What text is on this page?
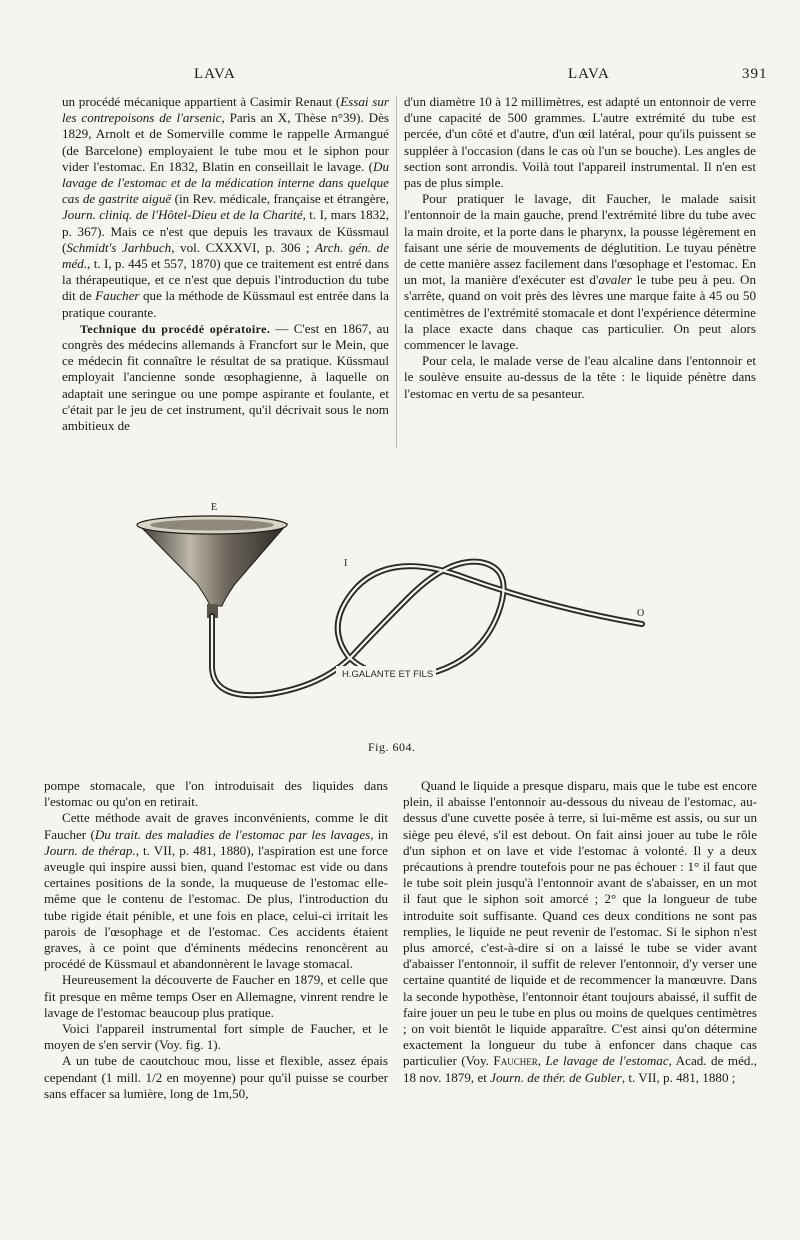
LAVA	LAVA	391

un procédé mécanique appartient à Casimir Renaut (Essai sur les contrepoisons de l'arsenic, Paris an X, Thèse n°39). Dès 1829, Arnolt et de Somerville comme le rappelle Armangué (de Barcelone) employaient le tube mou et le siphon pour vider l'estomac. En 1832, Blatin en conseillait le lavage. (Du lavage de l'estomac et de la médication interne dans quelque cas de gastrite aiguë (in Rev. médicale, française et étrangère, Journ. cliniq. de l'Hôtel-Dieu et de la Charité, t. I, mars 1832, p. 367). Mais ce n'est que depuis les travaux de Küssmaul (Schmidt's Jarhbuch, vol. CXXXVI, p. 306 ; Arch. gén. de méd., t. I, p. 445 et 557, 1870) que ce traitement est entré dans la thérapeutique, et ce n'est que depuis l'introduction du tube dit de Faucher que la méthode de Küssmaul est entrée dans la pratique courante.

Technique du procédé opératoire. — C'est en 1867, au congrès des médecins allemands à Francfort sur le Mein, que ce médecin fit connaître le résultat de sa pratique. Küssmaul employait l'ancienne sonde œsophagienne, à laquelle on adaptait une seringue ou une pompe aspirante et foulante, et c'était par le jeu de cet instrument, qu'il décrivait sous le nom ambitieux de

d'un diamètre 10 à 12 millimètres, est adapté un entonnoir de verre d'une capacité de 500 grammes. L'autre extrémité du tube est percée, d'un côté et d'autre, d'un œil latéral, pour qu'ils puissent se suppléer à l'occasion (dans le cas où l'un se bouche). Les angles de section sont arrondis. Voilà tout l'appareil instrumental. Il n'en est pas de plus simple.

Pour pratiquer le lavage, dit Faucher, le malade saisit l'entonnoir de la main gauche, prend l'extrémité libre du tube avec la main droite, et la porte dans le pharynx, la pousse légèrement en faisant une série de mouvements de déglutition. Le tuyau pénètre de cette manière assez facilement dans l'œsophage et l'estomac. En un mot, la manière d'exécuter est d'avaler le tube peu à peu. On s'arrête, quand on voit près des lèvres une marque faite à 45 ou 50 centimètres de l'extrémité stomacale et dont l'expérience détermine la place exacte dans chaque cas particulier. On peut alors commencer le lavage.

Pour cela, le malade verse de l'eau alcaline dans l'entonnoir et le soulève ensuite au-dessus de la tête : le liquide pénètre dans l'estomac en vertu de sa pesanteur.

H.GALANTE ET FILS
E
I
O
Fig. 604.

pompe stomacale, que l'on introduisait des liquides dans l'estomac ou qu'on en retirait.

Cette méthode avait de graves inconvénients, comme le dit Faucher (Du trait. des maladies de l'estomac par les lavages, in Journ. de thérap., t. VII, p. 481, 1880), l'aspiration est une force aveugle qui inspire aussi bien, quand l'estomac est vide ou dans certaines positions de la sonde, la muqueuse de l'estomac elle-même que le contenu de l'estomac. De plus, l'introduction du tube rigide était pénible, et une fois en place, celui-ci irritait les parois de l'œsophage et de l'estomac. Ces accidents étaient graves, à ce point que d'éminents médecins renoncèrent au procédé de Küssmaul et abandonnèrent le lavage stomacal.

Heureusement la découverte de Faucher en 1879, et celle que fit presque en même temps Oser en Allemagne, vinrent rendre le lavage de l'estomac beaucoup plus pratique.

Voici l'appareil instrumental fort simple de Faucher, et le moyen de s'en servir (Voy. fig. 1).

A un tube de caoutchouc mou, lisse et flexible, assez épais cependant (1 mill. 1/2 en moyenne) pour qu'il puisse se courber sans effacer sa lumière, long de 1m,50,

Quand le liquide a presque disparu, mais que le tube est encore plein, il abaisse l'entonnoir au-dessous du niveau de l'estomac, au-dessus d'une cuvette posée à terre, si lui-même est assis, ou sur un siège peu élevé, s'il est debout. On fait ainsi jouer au tube le rôle d'un siphon et on lave et vide l'estomac à volonté. Il y a deux précautions à prendre toutefois pour ne pas échouer : 1° il faut que le tube soit plein jusqu'à l'entonnoir avant de s'abaisser, en un mot il faut que le siphon soit amorcé ; 2° que la longueur de tube introduite soit suffisante. Quand ces deux conditions ne sont pas remplies, le liquide ne peut revenir de l'estomac. Si le siphon n'est plus amorcé, c'est-à-dire si on a laissé le tube se vider avant d'abaisser l'entonnoir, il suffit de relever l'entonnoir, d'y verser une certaine quantité de liquide et de recommencer la manœuvre. Dans la seconde hypothèse, l'entonnoir étant toujours abaissé, il suffit de faire jouer un peu le tube en plus ou moins de quelques centimètres ; on voit bientôt le liquide apparaître. C'est ainsi qu'on détermine exactement la longueur du tube à enfoncer dans chaque cas particulier (Voy. Faucher, Le lavage de l'estomac, Acad. de méd., 18 nov. 1879, et Journ. de thér. de Gubler, t. VII, p. 481, 1880 ;
